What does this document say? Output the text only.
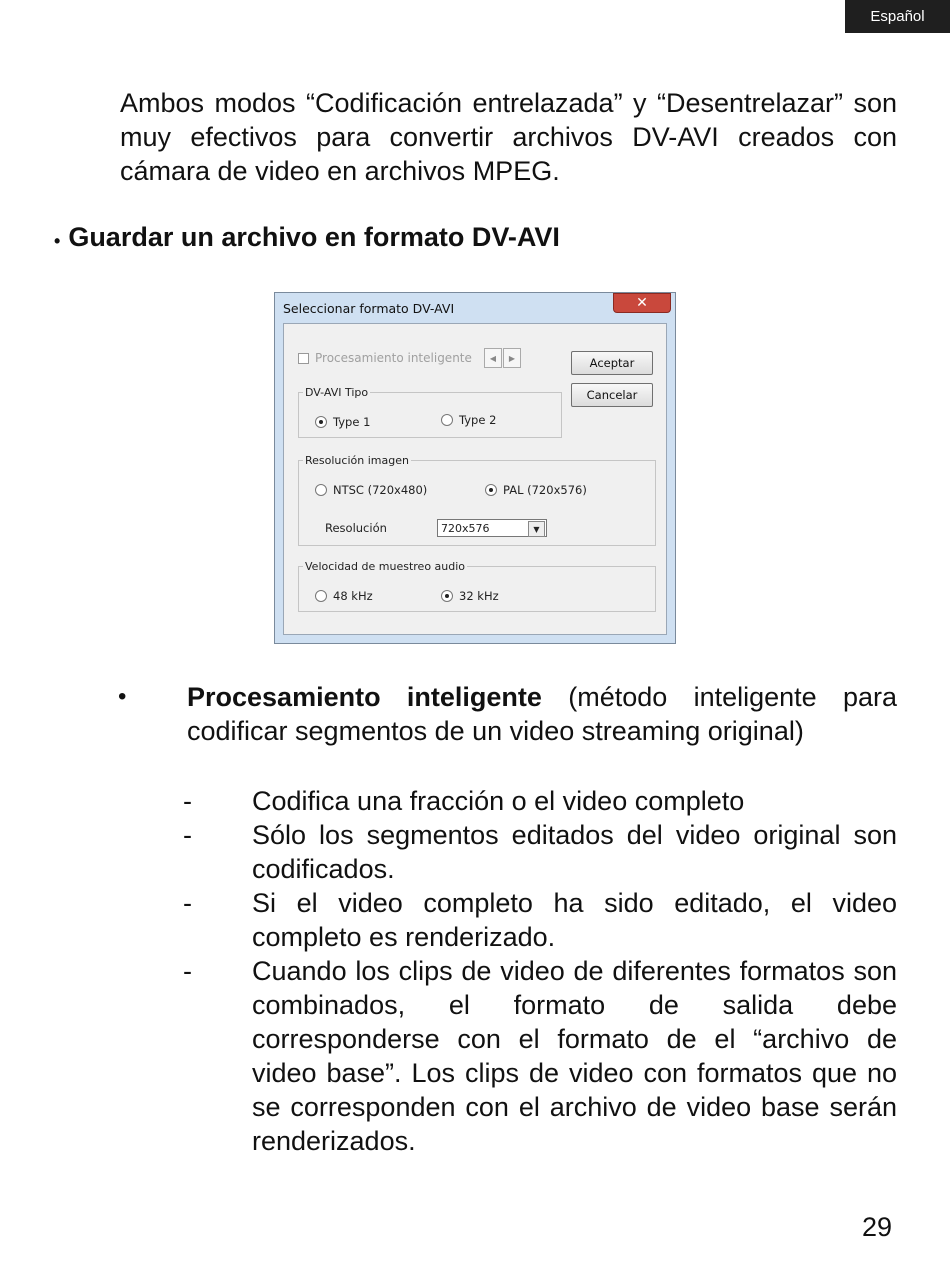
Español

Ambos modos “Codificación entrelazada” y “Desentrelazar” son muy efectivos para convertir archivos DV-AVI creados con cámara de video en archivos MPEG.

• Guardar un archivo en formato DV-AVI
Seleccionar formato DV-AVI	✕
Procesamiento inteligente	◀	▶	Aceptar
Cancelar
DV-AVI Tipo
Type 1	Type 2
Resolución imagen
NTSC (720x480)	PAL (720x576)
Resolución	720x576	▼
Velocidad de muestreo audio
48 kHz	32 kHz
• Procesamiento inteligente (método inteligente para codificar segmentos de un video streaming original)
- Codifica una fracción o el video completo
- Sólo los segmentos editados del video original son codificados.
- Si el video completo ha sido editado, el video completo es renderizado.
- Cuando los clips de video de diferentes formatos son combinados, el formato de salida debe corresponderse con el formato de el “archivo de video base”. Los clips de video con formatos que no se corresponden con el archivo de video base serán renderizados.
29
